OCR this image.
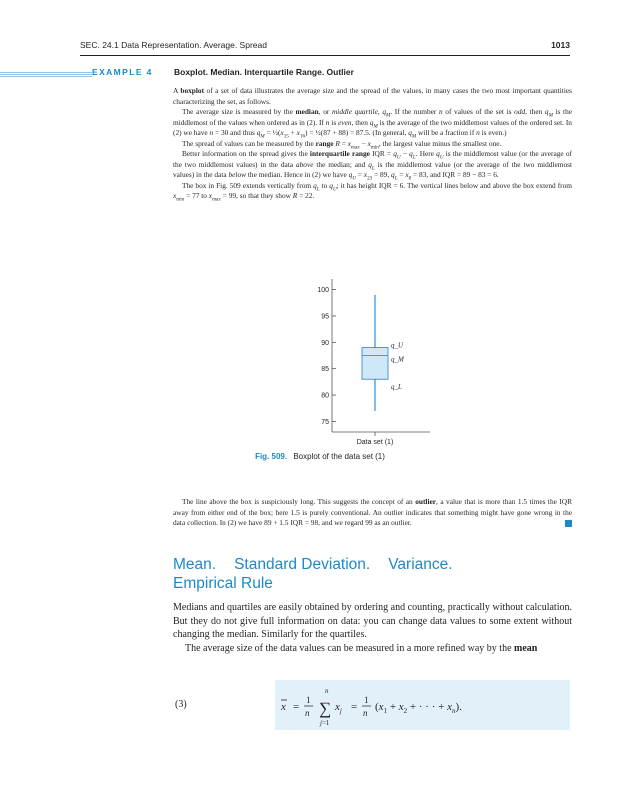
SEC. 24.1 Data Representation. Average. Spread	1013
EXAMPLE 4 Boxplot. Median. Interquartile Range. Outlier

A boxplot of a set of data illustrates the average size and the spread of the values, in many cases the two most important quantities characterizing the set, as follows.

The average size is measured by the median, or middle quartile, $q_M$. If the number n of values of the set is odd, then $q_M$ is the middlemost of the values when ordered as in (2). If n is even, then $q_M$ is the average of the two middlemost values of the ordered set. In (2) we have n = 30 and thus $q_M$ = $\frac{1}{2}(x_{15} + x_{16})$ = ½(87 + 88) = 87.5. (In general, $q_M$ will be a fraction if n is even.)

The spread of values can be measured by the range $R = x_{max} - x_{min}$, the largest value minus the smallest one.

Better information on the spread gives the interquartile range IQR = $q_U - q_L$. Here $q_U$ is the middlemost value (or the average of the two middlemost values) in the data above the median; and $q_L$ is the middlemost value (or the average of the two middlemost values) in the data below the median. Hence in (2) we have $q_U = x_{23} = 89$, $q_L = x_8 = 83$, and IQR = 89 − 83 = 6.

The box in Fig. 509 extends vertically from $q_L$ to $q_U$; it has height IQR = 6. The vertical lines below and above the box extend from $x_{min} = 77$ to $x_{max} = 99$, so that they show R = 22.

75
80
85
90
95
100
q_U
q_M
q_L
Data set (1)
Fig. 509. Boxplot of the data set (1)

The line above the box is suspiciously long. This suggests the concept of an outlier, a value that is more than 1.5 times the IQR away from either end of the box; here 1.5 is purely conventional. An outlier indicates that something might have gone wrong in the data collection. In (2) we have 89 + 1.5 IQR = 98, and we regard 99 as an outlier.

Mean. Standard Deviation. Variance.
Empirical Rule

Medians and quartiles are easily obtained by ordering and counting, practically without calculation. But they do not give full information on data: you can change data values to some extent without changing the median. Similarly for the quartiles.

The average size of the data values can be measured in a more refined way by the mean

(3)	x =
1
n
n
∑
j=1
$x_j$ =
1
n ($x_1 + x_2$ + · · · + $x_n$).
